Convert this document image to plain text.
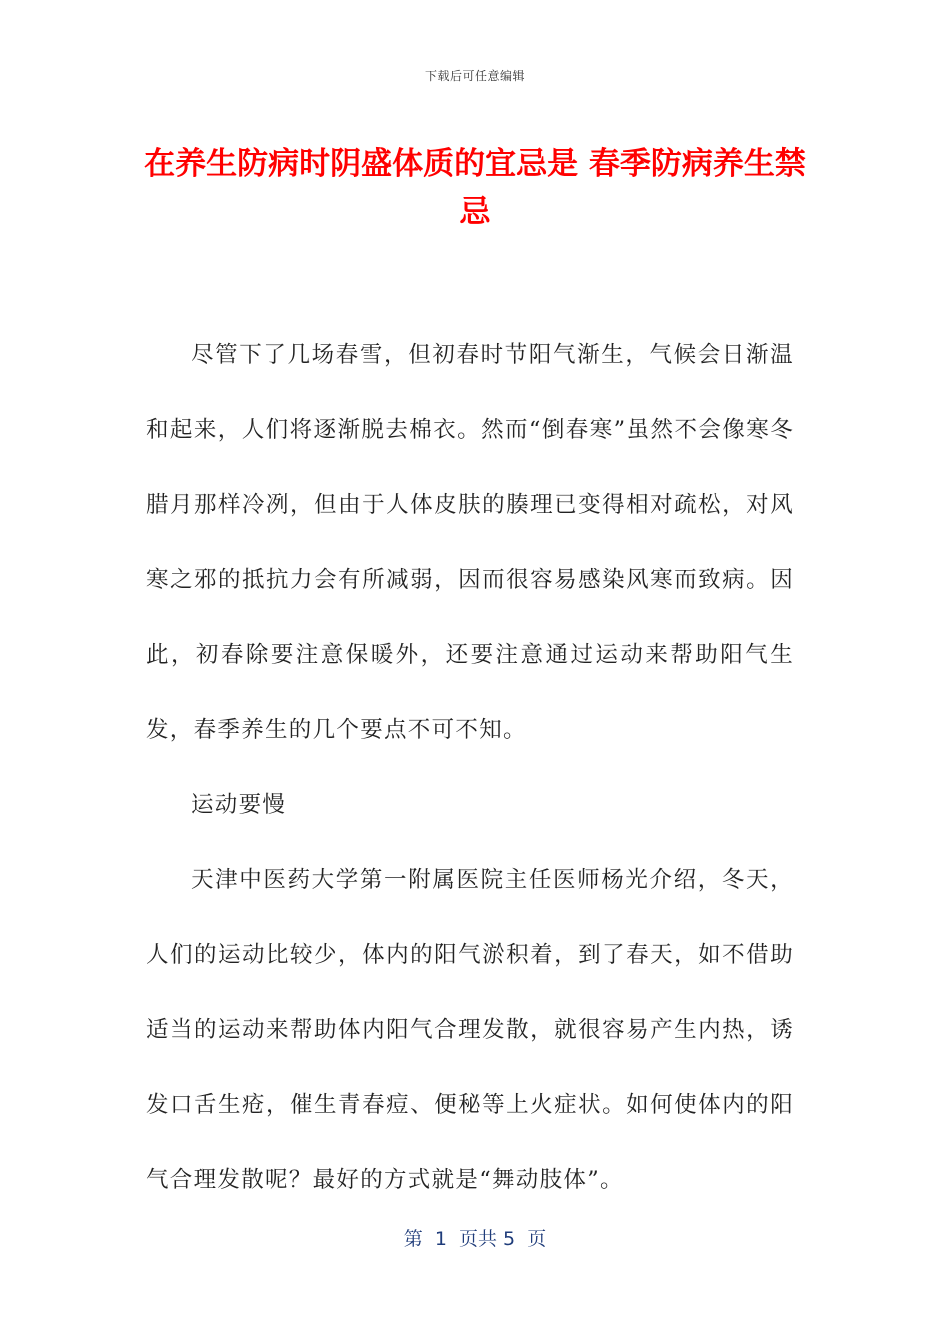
下载后可任意编辑
在养生防病时阴盛体质的宜忌是 春季防病养生禁忌

尽管下了几场春雪，但初春时节阳气渐生，气候会日渐温和起来，人们将逐渐脱去棉衣。然而“倒春寒”虽然不会像寒冬腊月那样冷冽，但由于人体皮肤的腠理已变得相对疏松，对风寒之邪的抵抗力会有所减弱，因而很容易感染风寒而致病。因此，初春除要注意保暖外，还要注意通过运动来帮助阳气生发，春季养生的几个要点不可不知。

运动要慢

天津中医药大学第一附属医院主任医师杨光介绍，冬天，人们的运动比较少，体内的阳气淤积着，到了春天，如不借助适当的运动来帮助体内阳气合理发散，就很容易产生内热，诱发口舌生疮，催生青春痘、便秘等上火症状。如何使体内的阳气合理发散呢？最好的方式就是“舞动肢体”。

第  1  页共 5  页
